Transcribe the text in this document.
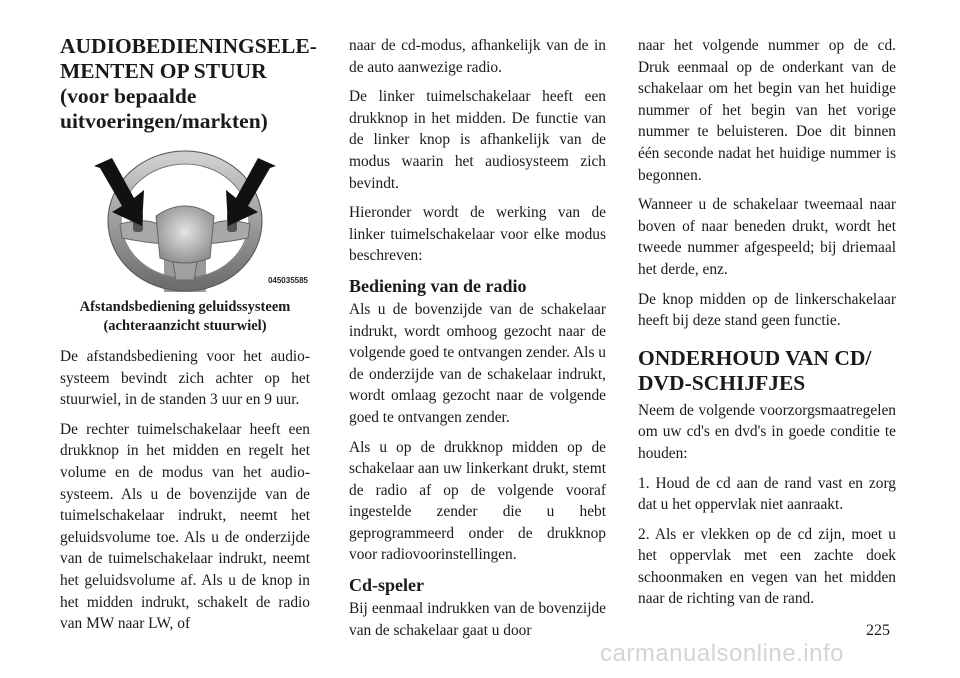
AUDIOBEDIENINGSELE-
MENTEN OP STUUR
(voor bepaalde
uitvoeringen/markten)
045035585
Afstandsbediening geluidssysteem
(achteraanzicht stuurwiel)

De afstandsbediening voor het audiosysteem bevindt zich achter op het stuurwiel, in de standen 3 uur en 9 uur.

De rechter tuimelschakelaar heeft een drukknop in het midden en regelt het volume en de modus van het audiosysteem. Als u de bovenzijde van de tuimelschakelaar indrukt, neemt het geluidsvolume toe. Als u de onderzijde van de tuimelschakelaar indrukt, neemt het geluidsvolume af. Als u de knop in het midden indrukt, schakelt de radio van MW naar LW, of

naar de cd-modus, afhankelijk van de in de auto aanwezige radio.

De linker tuimelschakelaar heeft een drukknop in het midden. De functie van de linker knop is afhankelijk van de modus waarin het audiosysteem zich bevindt.

Hieronder wordt de werking van de linker tuimelschakelaar voor elke modus beschreven:

Bediening van de radio

Als u de bovenzijde van de schakelaar indrukt, wordt omhoog gezocht naar de volgende goed te ontvangen zender. Als u de onderzijde van de schakelaar indrukt, wordt omlaag gezocht naar de volgende goed te ontvangen zender.

Als u op de drukknop midden op de schakelaar aan uw linkerkant drukt, stemt de radio af op de volgende vooraf ingestelde zender die u hebt geprogrammeerd onder de drukknop voor radiovoorinstellingen.

Cd-speler

Bij eenmaal indrukken van de bovenzijde van de schakelaar gaat u door

naar het volgende nummer op de cd. Druk eenmaal op de onderkant van de schakelaar om het begin van het huidige nummer of het begin van het vorige nummer te beluisteren. Doe dit binnen één seconde nadat het huidige nummer is begonnen.

Wanneer u de schakelaar tweemaal naar boven of naar beneden drukt, wordt het tweede nummer afgespeeld; bij driemaal het derde, enz.

De knop midden op de linkerschakelaar heeft bij deze stand geen functie.

ONDERHOUD VAN CD/
DVD-SCHIJFJES

Neem de volgende voorzorgsmaatregelen om uw cd's en dvd's in goede conditie te houden:

1. Houd de cd aan de rand vast en zorg dat u het oppervlak niet aanraakt.

2. Als er vlekken op de cd zijn, moet u het oppervlak met een zachte doek schoonmaken en vegen van het midden naar de richting van de rand.

225
carmanualsonline.info
